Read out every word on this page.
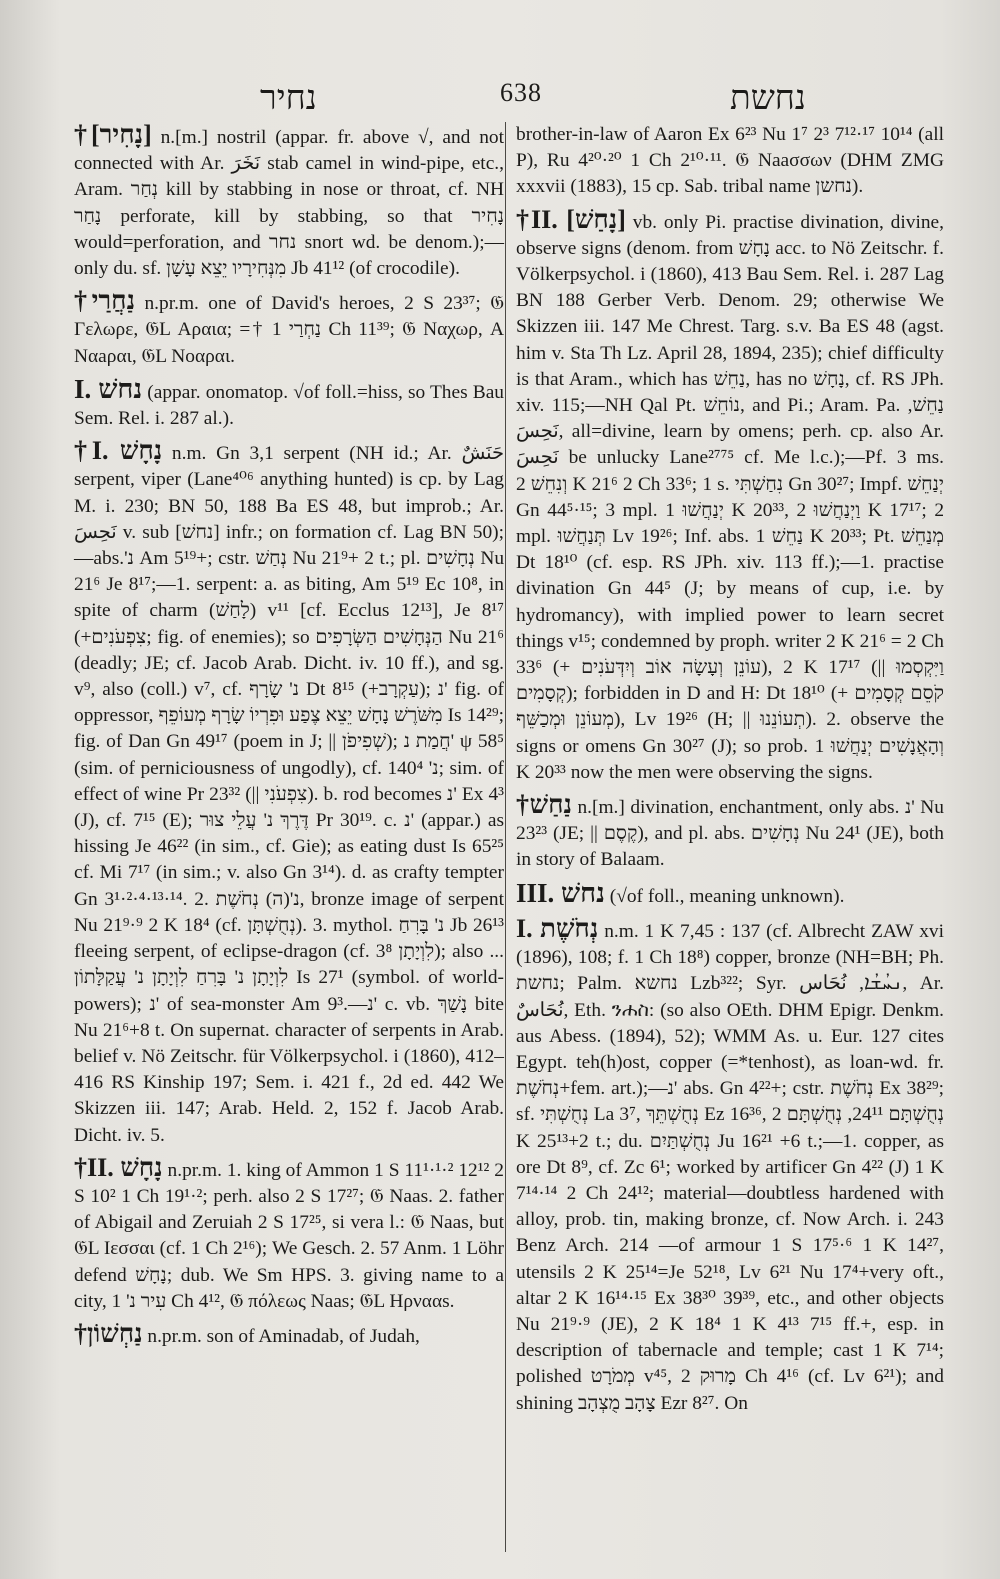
נחיר	638	נחשת

†[נָחִיר] n.[m.] nostril (appar. fr. above √, and not connected with Ar. نَخَرَ stab camel in wind-pipe, etc., Aram. נְחַר kill by stabbing in nose or throat, cf. NH נָחַר perforate, kill by stabbing, so that נָחִיר would=perforation, and נחר snort wd. be denom.);—only du. sf. מִנְּחִירָיו יֵצֵא עָשָׁן Jb 41¹² (of crocodile).

†נַחֲרַי n.pr.m. one of David's heroes, 2 S 23³⁷; 𝔊 Γελωρε, 𝔊L Αραια; =† נַחְרַי 1 Ch 11³⁹; 𝔊 Ναχωρ, A Ναaραι, 𝔊L Νοαραι.

I. נחשׁ (appar. onomatop. √of foll.=hiss, so Thes Bau Sem. Rel. i. 287 al.).

†I. נָחָשׁ n.m. Gn 3,1 serpent (NH id.; Ar. حَنَشٌ serpent, viper (Lane⁴⁰⁶ anything hunted) is cp. by Lag M. i. 230; BN 50, 188 Ba ES 48, but improb.; Ar. نَحِسَ v. sub [נחשׁ] infr.; on formation cf. Lag BN 50);—abs.'נ Am 5¹⁹+; cstr. נְחַשׁ Nu 21⁹+ 2 t.; pl. נְחָשִׁים Nu 21⁶ Je 8¹⁷;—1. serpent: a. as biting, Am 5¹⁹ Ec 10⁸, in spite of charm (לָחַשׁ) v¹¹ [cf. Ecclus 12¹³], Je 8¹⁷ (+צִפְעֹנִים; fig. of enemies); so הַנְּחָשִׁים הַשְּׂרָפִים Nu 21⁶ (deadly; JE; cf. Jacob Arab. Dicht. iv. 10 ff.), and sg. v⁹, also (coll.) v⁷, cf. נ' שָׂרָף Dt 8¹⁵ (+עַקְרָב); נ' fig. of oppressor, מִשֹּׁרֶשׁ נָחָשׁ יֵצֵא צֶפַע וּפִרְיוֹ שָׂרָף מְעוֹפֵף Is 14²⁹; fig. of Dan Gn 49¹⁷ (poem in J; || שְׁפִיפֹן); חֲמַת נ' ψ 58⁵ (sim. of perniciousness of ungodly), cf. נ' 140⁴; sim. of effect of wine Pr 23³² (|| צִפְעֹנִי). b. rod becomes נ' Ex 4³ (J), cf. 7¹⁵ (E); דֶּרֶךְ נ' עֲלֵי צוּר Pr 30¹⁹. c. נ' (appar.) as hissing Je 46²² (in sim., cf. Gie); as eating dust Is 65²⁵ cf. Mi 7¹⁷ (in sim.; v. also Gn 3¹⁴). d. as crafty tempter Gn 3¹·²·⁴·¹³·¹⁴. 2. נ'(ה) נְחֹשֶׁת, bronze image of serpent Nu 21⁹·⁹ 2 K 18⁴ (cf. נְחֻשְׁתָּן). 3. mythol. נ' בָּרִחַ Jb 26¹³ fleeing serpent, of eclipse-dragon (cf. לִוְיָתָן 3⁸); also ... לִוְיָתָן נ' בָּרִחַ לִוְיָתָן נ' עֲקַלָּתוֹן Is 27¹ (symbol. of world-powers); נ' of sea-monster Am 9³.—נ' c. vb. נָשַׁךְ bite Nu 21⁶+8 t. On supernat. character of serpents in Arab. belief v. Nö Zeitschr. für Völkerpsychol. i (1860), 412–416 RS Kinship 197; Sem. i. 421 f., 2d ed. 442 We Skizzen iii. 147; Arab. Held. 2, 152 f. Jacob Arab. Dicht. iv. 5.

†II. נָחָשׁ n.pr.m. 1. king of Ammon 1 S 11¹·¹·² 12¹² 2 S 10² 1 Ch 19¹·²; perh. also 2 S 17²⁷; 𝔊 Naas. 2. father of Abigail and Zeruiah 2 S 17²⁵, si vera l.: 𝔊 Naas, but 𝔊L Ιεσσαι (cf. 1 Ch 2¹⁶); We Gesch. 2. 57 Anm. 1 Löhr defend נָחָשׁ; dub. We Sm HPS. 3. giving name to a city, עִיר נ' 1 Ch 4¹², 𝔊 πόλεως Naas; 𝔊L Ηρνααs.

†נַחְשׁוֹן n.pr.m. son of Aminadab, of Judah,

brother-in-law of Aaron Ex 6²³ Nu 1⁷ 2³ 7¹²·¹⁷ 10¹⁴ (all P), Ru 4²⁰·²⁰ 1 Ch 2¹⁰·¹¹. 𝔊 Naaσσων (DHM ZMG xxxvii (1883), 15 cp. Sab. tribal name נחשן).

†II. [נָחַשׁ] vb. only Pi. practise divination, divine, observe signs (denom. from נָחָשׁ acc. to Nö Zeitschr. f. Völkerpsychol. i (1860), 413 Bau Sem. Rel. i. 287 Lag BN 188 Gerber Verb. Denom. 29; otherwise We Skizzen iii. 147 Me Chrest. Targ. s.v. Ba ES 48 (agst. him v. Sta Th Lz. April 28, 1894, 235); chief difficulty is that Aram., which has נַחֵשׁ, has no נָחָשׁ, cf. RS JPh. xiv. 115;—NH Qal Pt. נוֹחֵשׁ, and Pi.; Aram. Pa. נַחֵשׁ, نَحِسَ, all=divine, learn by omens; perh. cp. also Ar. نَحِسَ be unlucky Lane²⁷⁷⁵ cf. Me l.c.);—Pf. 3 ms. וְנִחֵשׁ 2 K 21⁶ 2 Ch 33⁶; 1 s. נִחַשְׁתִּי Gn 30²⁷; Impf. יְנַחֵשׁ Gn 44⁵·¹⁵; 3 mpl. יְנַחֲשׁוּ 1 K 20³³, וַיְנַחֲשׁוּ 2 K 17¹⁷; 2 mpl. תְּנַחֲשׁוּ Lv 19²⁶; Inf. abs. נַחֵשׁ 1 K 20³³; Pt. מְנַחֵשׁ Dt 18¹⁰ (cf. esp. RS JPh. xiv. 113 ff.);—1. practise divination Gn 44⁵ (J; by means of cup, i.e. by hydromancy), with implied power to learn secret things v¹⁵; condemned by proph. writer 2 K 21⁶ = 2 Ch 33⁶ (+ עוֹנֵן וְעָשָׂה אוֹב וְיִדְּעֹנִים), 2 K 17¹⁷ (|| וַיִּקְסְמוּ קְסָמִים); forbidden in D and H: Dt 18¹⁰ (+ קֹסֵם קְסָמִים מְעוֹנֵן וּמְכַשֵּׁף), Lv 19²⁶ (H; || תְעוֹנֵנוּ). 2. observe the signs or omens Gn 30²⁷ (J); so prob. וְהָאֲנָשִׁים יְנַחֲשׁוּ 1 K 20³³ now the men were observing the signs.

†נַחַשׁ n.[m.] divination, enchantment, only abs. נ' Nu 23²³ (JE; || קֶסֶם), and pl. abs. נְחָשִׁים Nu 24¹ (JE), both in story of Balaam.

III. נחשׁ (√of foll., meaning unknown).

I. נְחֹשֶׁת n.m. 1 K 7,45 : 137 (cf. Albrecht ZAW xvi (1896), 108; f. 1 Ch 18⁸) copper, bronze (NH=BH; Ph. נחשת; Palm. נחשא Lzb³²²; Syr. ܢܚܳܫܳܐ, نُحَاس, Ar. نُحَاسٌ, Eth. ንሐስ: (so also OEth. DHM Epigr. Denkm. aus Abess. (1894), 52); WMM As. u. Eur. 127 cites Egypt. teh(h)ost, copper (=*tenhost), as loan-wd. fr. נְחֹשֶׁת+fem. art.);—נ' abs. Gn 4²²+; cstr. נְחֹשֶׁת Ex 38²⁹; sf. נְחֻשְׁתִּי La 3⁷, נְחֻשְׁתֵּךְ Ez 16³⁶, נְחֻשְׁתָּם 24¹¹, נְחֻשְׁתָּם 2 K 25¹³+2 t.; du. נְחֻשְׁתַּיִם Ju 16²¹ +6 t.;—1. copper, as ore Dt 8⁹, cf. Zc 6¹; worked by artificer Gn 4²² (J) 1 K 7¹⁴·¹⁴ 2 Ch 24¹²; material—doubtless hardened with alloy, prob. tin, making bronze, cf. Now Arch. i. 243 Benz Arch. 214 —of armour 1 S 17⁵·⁶ 1 K 14²⁷, utensils 2 K 25¹⁴=Je 52¹⁸, Lv 6²¹ Nu 17⁴+very oft., altar 2 K 16¹⁴·¹⁵ Ex 38³⁰ 39³⁹, etc., and other objects Nu 21⁹·⁹ (JE), 2 K 18⁴ 1 K 4¹³ 7¹⁵ ff.+, esp. in description of tabernacle and temple; cast 1 K 7¹⁴; polished מְמֹרָט v⁴⁵, מָרוּק 2 Ch 4¹⁶ (cf. Lv 6²¹); and shining צָהָב מֻצְהָב Ezr 8²⁷. On
